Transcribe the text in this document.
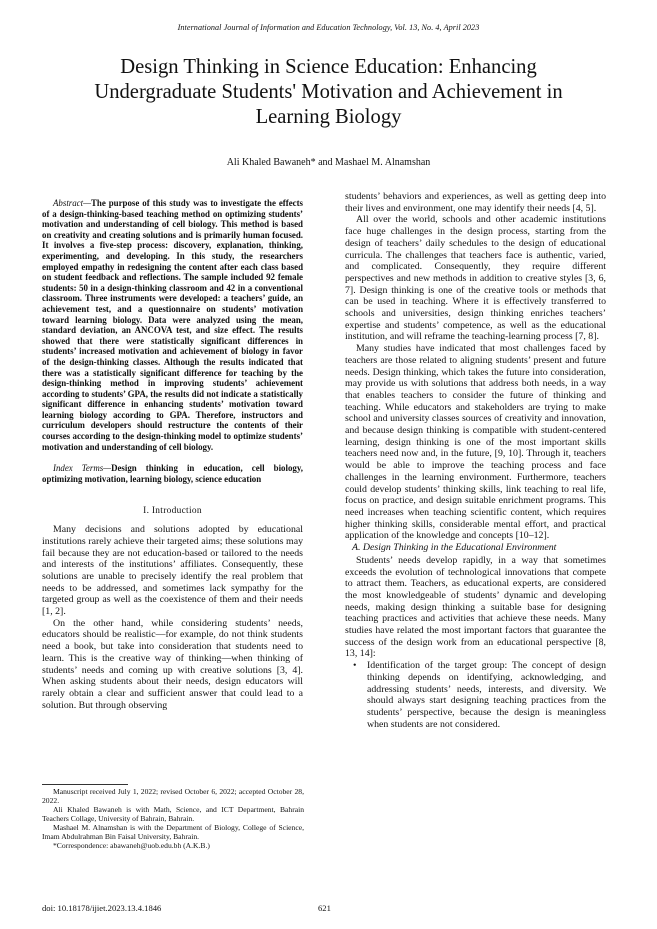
International Journal of Information and Education Technology, Vol. 13, No. 4, April 2023
Design Thinking in Science Education: Enhancing Undergraduate Students' Motivation and Achievement in Learning Biology
Ali Khaled Bawaneh* and Mashael M. Alnamshan

Abstract—The purpose of this study was to investigate the effects of a design-thinking-based teaching method on optimizing students’ motivation and understanding of cell biology. This method is based on creativity and creating solutions and is primarily human focused. It involves a five-step process: discovery, explanation, thinking, experimenting, and developing. In this study, the researchers employed empathy in redesigning the content after each class based on student feedback and reflections. The sample included 92 female students: 50 in a design-thinking classroom and 42 in a conventional classroom. Three instruments were developed: a teachers’ guide, an achievement test, and a questionnaire on students’ motivation toward learning biology. Data were analyzed using the mean, standard deviation, an ANCOVA test, and size effect. The results showed that there were statistically significant differences in students’ increased motivation and achievement of biology in favor of the design-thinking classes. Although the results indicated that there was a statistically significant difference for teaching by the design-thinking method in improving students’ achievement according to students’ GPA, the results did not indicate a statistically significant difference in enhancing students’ motivation toward learning biology according to GPA. Therefore, instructors and curriculum developers should restructure the contents of their courses according to the design-thinking model to optimize students’ motivation and understanding of cell biology.

Index Terms—Design thinking in education, cell biology, optimizing motivation, learning biology, science education

I. Introduction

Many decisions and solutions adopted by educational institutions rarely achieve their targeted aims; these solutions may fail because they are not education-based or tailored to the needs and interests of the institutions’ affiliates. Consequently, these solutions are unable to precisely identify the real problem that needs to be addressed, and sometimes lack sympathy for the targeted group as well as the coexistence of them and their needs [1, 2].

On the other hand, while considering students’ needs, educators should be realistic—for example, do not think students need a book, but take into consideration that students need to learn. This is the creative way of thinking—when thinking of students’ needs and coming up with creative solutions [3, 4]. When asking students about their needs, design educators will rarely obtain a clear and sufficient answer that could lead to a solution. But through observing

students’ behaviors and experiences, as well as getting deep into their lives and environment, one may identify their needs [4, 5].

All over the world, schools and other academic institutions face huge challenges in the design process, starting from the design of teachers’ daily schedules to the design of educational curricula. The challenges that teachers face is authentic, varied, and complicated. Consequently, they require different perspectives and new methods in addition to creative styles [3, 6, 7]. Design thinking is one of the creative tools or methods that can be used in teaching. Where it is effectively transferred to schools and universities, design thinking enriches teachers’ expertise and students’ competence, as well as the educational institution, and will reframe the teaching-learning process [7, 8].

Many studies have indicated that most challenges faced by teachers are those related to aligning students’ present and future needs. Design thinking, which takes the future into consideration, may provide us with solutions that address both needs, in a way that enables teachers to consider the future of thinking and teaching. While educators and stakeholders are trying to make school and university classes sources of creativity and innovation, and because design thinking is compatible with student-centered learning, design thinking is one of the most important skills teachers need now and, in the future, [9, 10]. Through it, teachers would be able to improve the teaching process and face challenges in the learning environment. Furthermore, teachers could develop students’ thinking skills, link teaching to real life, focus on practice, and design suitable enrichment programs. This need increases when teaching scientific content, which requires higher thinking skills, considerable mental effort, and practical application of the knowledge and concepts [10–12].

A. Design Thinking in the Educational Environment

Students’ needs develop rapidly, in a way that sometimes exceeds the evolution of technological innovations that compete to attract them. Teachers, as educational experts, are considered the most knowledgeable of students’ dynamic and developing needs, making design thinking a suitable base for designing teaching practices and activities that achieve these needs. Many studies have related the most important factors that guarantee the success of the design work from an educational perspective [8, 13, 14]:

• Identification of the target group: The concept of design thinking depends on identifying, acknowledging, and addressing students’ needs, interests, and diversity. We should always start designing teaching practices from the students’ perspective, because the design is meaningless when students are not considered.

Manuscript received July 1, 2022; revised October 6, 2022; accepted October 28, 2022.

Ali Khaled Bawaneh is with Math, Science, and ICT Department, Bahrain Teachers Collage, University of Bahrain, Bahrain.

Mashael M. Alnamshan is with the Department of Biology, College of Science, Imam Abdulrahman Bin Faisal University, Bahrain.

*Correspondence: abawaneh@uob.edu.bh (A.K.B.)

doi: 10.18178/ijiet.2023.13.4.1846	621
